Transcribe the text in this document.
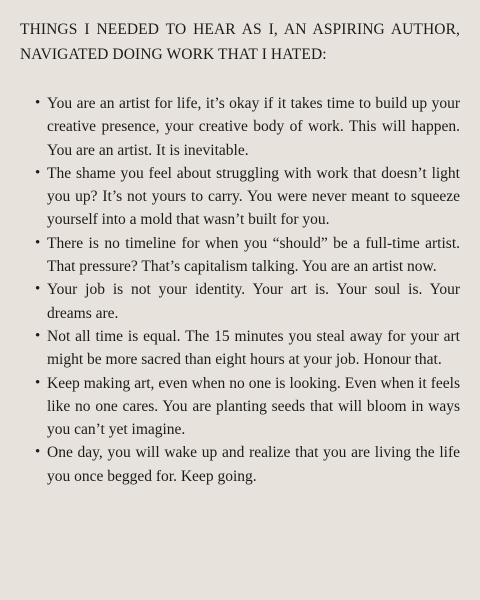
THINGS I NEEDED TO HEAR AS I, AN ASPIRING AUTHOR, NAVIGATED DOING WORK THAT I HATED:
• You are an artist for life, it’s okay if it takes time to build up your creative presence, your creative body of work. This will happen. You are an artist. It is inevitable.
• The shame you feel about struggling with work that doesn’t light you up? It’s not yours to carry. You were never meant to squeeze yourself into a mold that wasn’t built for you.
• There is no timeline for when you “should” be a full-time artist. That pressure? That’s capitalism talking. You are an artist now.
• Your job is not your identity. Your art is. Your soul is. Your dreams are.
• Not all time is equal. The 15 minutes you steal away for your art might be more sacred than eight hours at your job. Honour that.
• Keep making art, even when no one is looking. Even when it feels like no one cares. You are planting seeds that will bloom in ways you can’t yet imagine.
• One day, you will wake up and realize that you are living the life you once begged for. Keep going.
